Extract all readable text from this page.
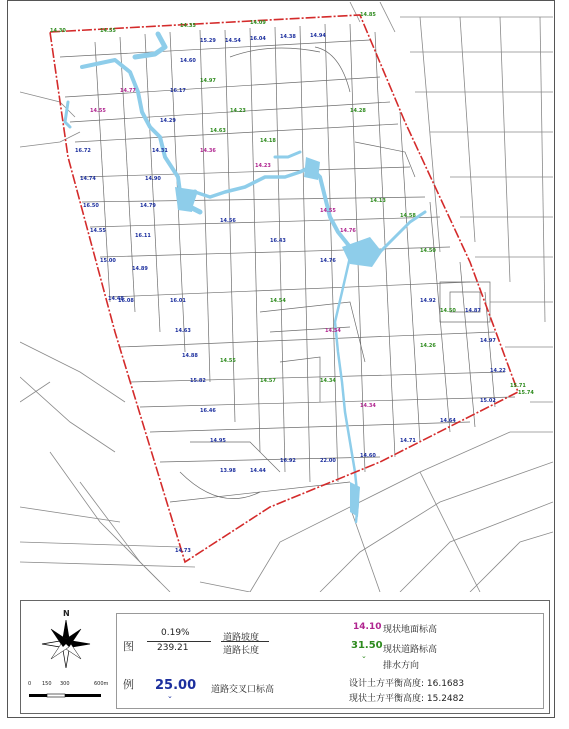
16.72
14.74
16.50
14.55
15.00
14.48
16.08
14.89
16.11
14.79
14.90
14.31
14.29
16.17
14.60
15.29 14.54 16.04	14.38	14.94
16.01
14.63
14.88
15.82
16.46
14.95
14.73
13.98	14.44
16.92	22.00
14.60
14.71
14.64
15.02
14.22
14.97
14.87
14.92
14.76
16.43
14.56
14.30	14.55
14.35	14.09
14.85
14.97
14.23
14.18
14.63
14.28
14.13
14.58
14.50
14.50
14.26
14.34
14.57
14.55
14.54
15.71
15.74
14.55
14.77
14.36
14.23
14.55
14.76
14.54
14.34
N
0 150 300	600m
图
例
0.19%
239.21
道路坡度
道路长度
25.00
⌄
道路交叉口标高
14.10 现状地面标高
31.50
⌄
现状道路标高
排水方向
设计土方平衡高度: 16.1683
现状土方平衡高度: 15.2482
